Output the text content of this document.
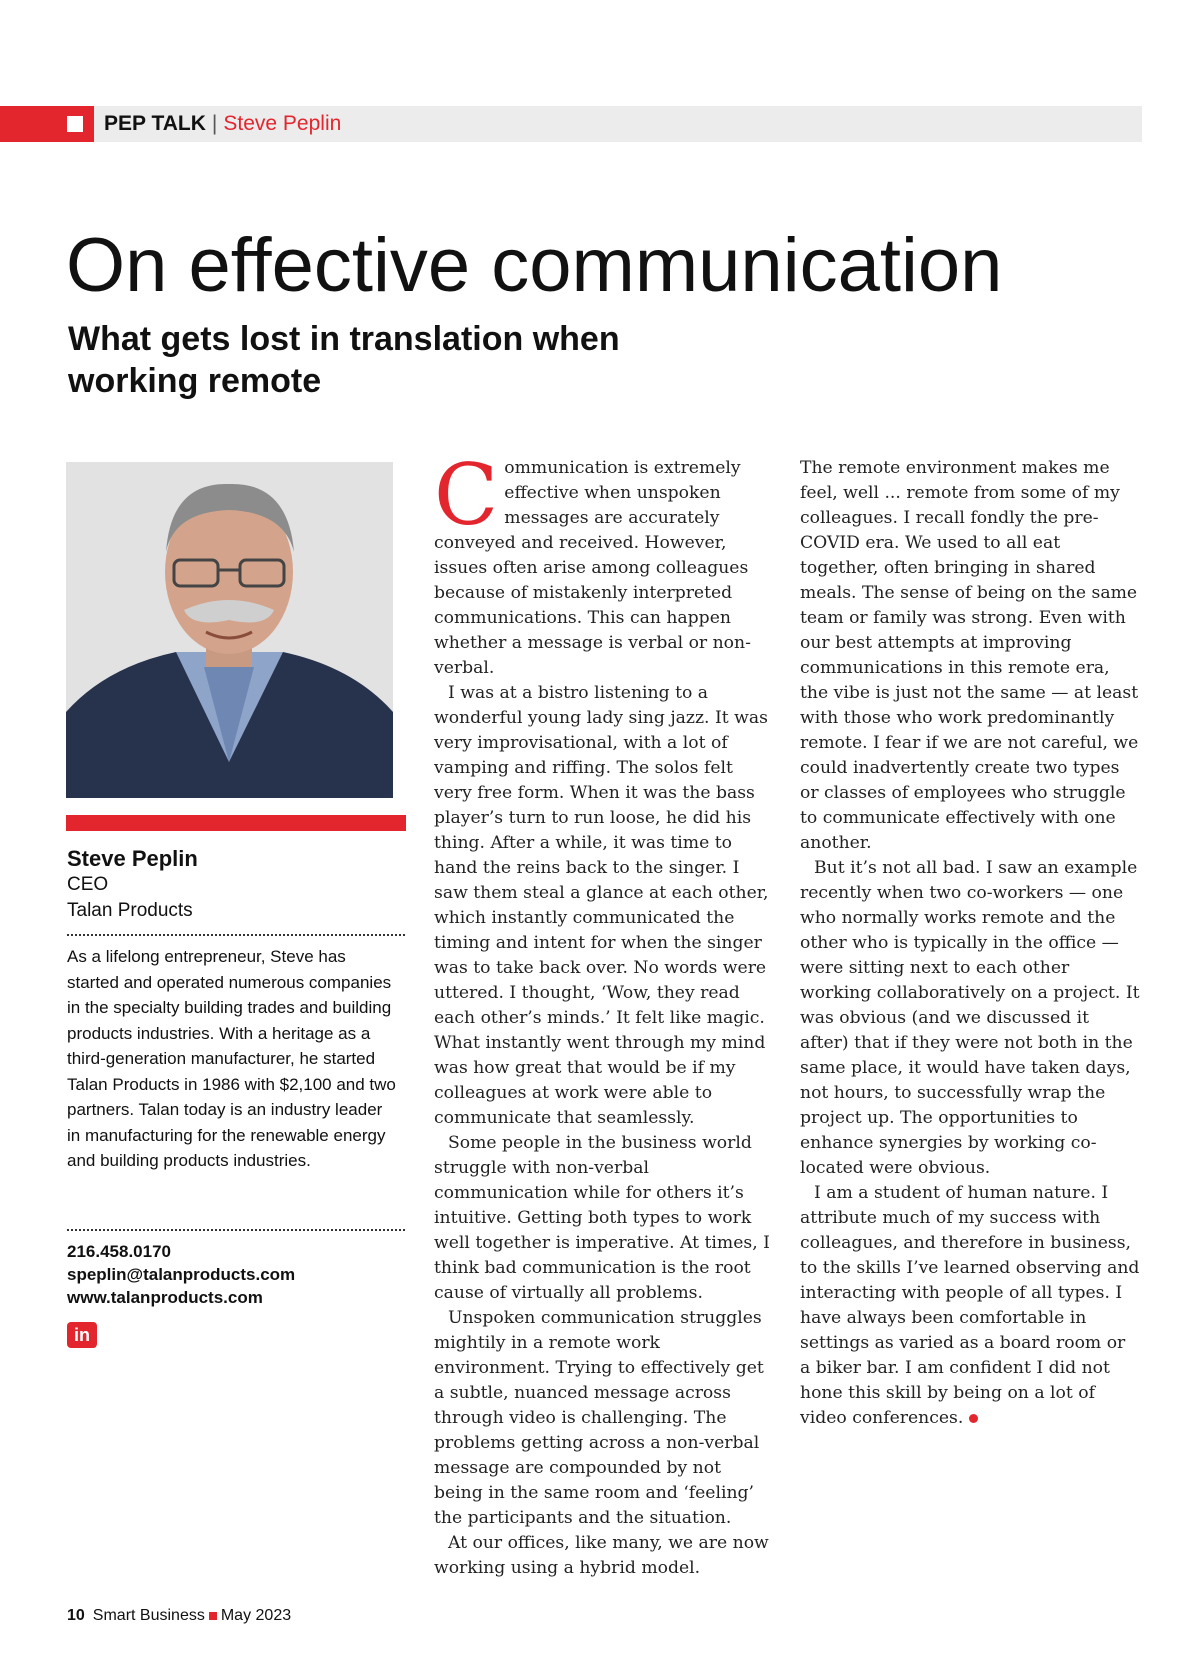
PEP TALK | Steve Peplin
On effective communication
What gets lost in translation when working remote
Steve Peplin
CEO
Talan Products
As a lifelong entrepreneur, Steve has started and operated numerous companies in the specialty building trades and building products industries. With a heritage as a third-generation manufacturer, he started Talan Products in 1986 with $2,100 and two partners. Talan today is an industry leader in manufacturing for the renewable energy and building products industries.
216.458.0170
speplin@talanproducts.com
www.talanproducts.com
in

Communication is extremely effective when unspoken messages are accurately conveyed and received. However, issues often arise among colleagues because of mistakenly interpreted communications. This can happen whether a message is verbal or non-verbal.

I was at a bistro listening to a wonderful young lady sing jazz. It was very improvisational, with a lot of vamping and riffing. The solos felt very free form. When it was the bass player’s turn to run loose, he did his thing. After a while, it was time to hand the reins back to the singer. I saw them steal a glance at each other, which instantly communicated the timing and intent for when the singer was to take back over. No words were uttered. I thought, ‘Wow, they read each other’s minds.’ It felt like magic. What instantly went through my mind was how great that would be if my colleagues at work were able to communicate that seamlessly.

Some people in the business world struggle with non-verbal communication while for others it’s intuitive. Getting both types to work well together is imperative. At times, I think bad communication is the root cause of virtually all problems.

Unspoken communication struggles mightily in a remote work environment. Trying to effectively get a subtle, nuanced message across through video is challenging. The problems getting across a non-verbal message are compounded by not being in the same room and ‘feeling’ the participants and the situation.

At our offices, like many, we are now working using a hybrid model.

The remote environment makes me feel, well ... remote from some of my colleagues. I recall fondly the pre-COVID era. We used to all eat together, often bringing in shared meals. The sense of being on the same team or family was strong. Even with our best attempts at improving communications in this remote era, the vibe is just not the same — at least with those who work predominantly remote. I fear if we are not careful, we could inadvertently create two types or classes of employees who struggle to communicate effectively with one another.

But it’s not all bad. I saw an example recently when two co-workers — one who normally works remote and the other who is typically in the office — were sitting next to each other working collaboratively on a project. It was obvious (and we discussed it after) that if they were not both in the same place, it would have taken days, not hours, to successfully wrap the project up. The opportunities to enhance synergies by working co-located were obvious.

I am a student of human nature. I attribute much of my success with colleagues, and therefore in business, to the skills I’ve learned observing and interacting with people of all types. I have always been comfortable in settings as varied as a board room or a biker bar. I am confident I did not hone this skill by being on a lot of video conferences.

10 Smart Business May 2023
